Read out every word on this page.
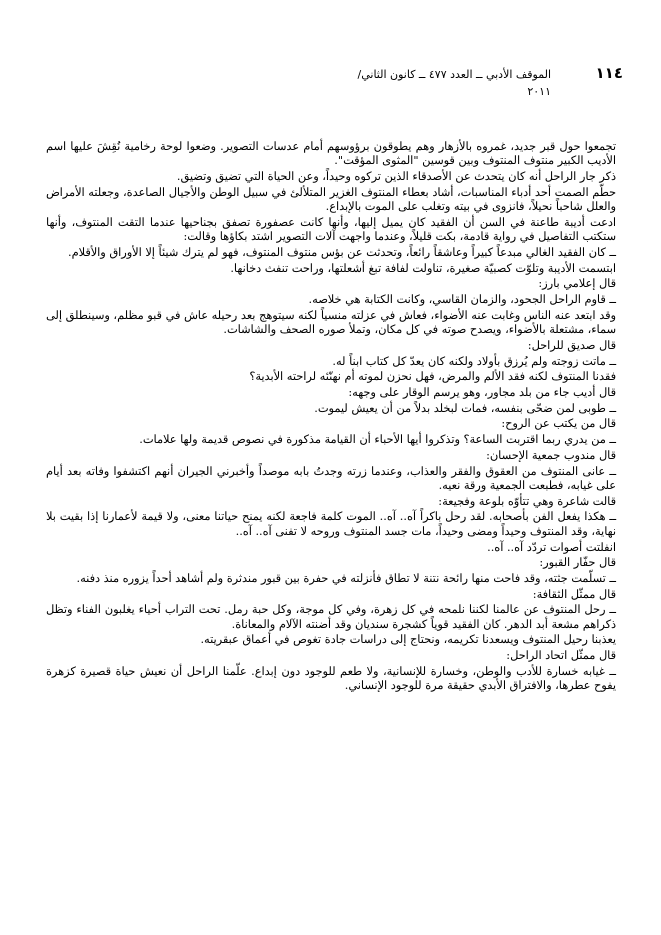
١١٤
الموقف الأدبي ــ العدد ٤٧٧ ــ كانون الثاني/
٢٠١١

تجمعوا حول قبر جديد، غمروه بالأزهار وهم يطوقون برؤوسهم أمام عدسات التصوير. وضعوا لوحة رخامية نُقِشَ عليها اسم الأديب الكبير منتوف المنتوف وبين قوسين "المثوى المؤقت".

ذكر جار الراحل أنه كان يتحدث عن الأصدقاء الذين تركوه وحيداً، وعن الحياة التي تضيق وتضيق.

حطّم الصمت أحد أدباء المناسبات، أشاد بعطاء المنتوف الغزير المتلألئ في سبيل الوطن والأجيال الصاعدة، وجعلته الأمراض والعلل شاحباً نحيلاً، فانزوى في بيته وتغلب على الموت بالإبداع.

ادعت أديبة طاعنة في السن أن الفقيد كان يميل إليها، وأنها كانت عصفورة تصفق بجناحيها عندما التقت المنتوف، وأنها ستكتب التفاصيل في رواية قادمة، بكت قليلاً، وعندما واجهت آلات التصوير اشتد بكاؤها وقالت:

ــ كان الفقيد الغالي مبدعاً كبيراً وعاشقاً رائعاً، وتحدثت عن بؤس منتوف المنتوف، فهو لم يترك شيئاً إلا الأوراق والأقلام.

ابتسمت الأديبة وتلوّت كصبيّة صغيرة، تناولت لفافة تبغ أشعلتها، وراحت تنفث دخانها.

قال إعلامي بارز:

ــ قاوم الراحل الجحود، والزمان القاسي، وكانت الكتابة هي خلاصه.

وقد ابتعد عنه الناس وغابت عنه الأضواء، فعاش في عزلته منسياً لكنه سيتوهج بعد رحيله عاش في قبو مظلم، وسينطلق إلى سماء، مشتعلة بالأضواء، ويصدح صوته في كل مكان، وتملأ صوره الصحف والشاشات.

قال صديق للراحل:

ــ ماتت زوجته ولم يُرزق بأولاد ولكنه كان يعدّ كل كتاب ابناً له.

فقدنا المنتوف لكنه فقد الألم والمرض، فهل نحزن لموته أم نهنّئه لراحته الأبدية؟

قال أديب جاء من بلد مجاور، وهو يرسم الوقار على وجهه:

ــ طوبى لمن ضحّى بنفسه، فمات لبخلد بدلاً من أن يعيش ليموت.

قال من يكتب عن الروح:

ــ من يدري ربما اقتربت الساعة؟ وتذكروا أيها الأحباء أن القيامة مذكورة في نصوص قديمة ولها علامات.

قال مندوب جمعية الإحسان:

ــ عانى المنتوف من العقوق والفقر والعذاب، وعندما زرته وجدتُ بابه موصداً وأخبرني الجيران أنهم اكتشفوا وفاته بعد أيام على غيابه، فطبعت الجمعية ورقة نعيه.

قالت شاعرة وهي تتأوّه بلوعة وفجيعة:

ــ هكذا يفعل الفن بأصحابه. لقد رحل باكراً آه.. آه.. الموت كلمة فاجعة لكنه يمنح حياتنا معنى، ولا قيمة لأعمارنا إذا بقيت بلا نهاية، وقد المنتوف وحيداً ومضى وحيداً، مات جسد المنتوف وروحه لا تفنى آه.. آه..

انفلتت أصوات تردّد آه.. آه..

قال حفّار القبور:

ــ تسلّمت جثته، وقد فاحت منها رائحة نتنة لا تطاق فأنزلته في حفرة بين قبور مندثرة ولم أشاهد أحداً يزوره منذ دفنه.

قال ممثّل الثقافة:

ــ رحل المنتوف عن عالمنا لكننا نلمحه في كل زهرة، وفي كل موجة، وكل حبة رمل. تحت التراب أحياء يغلبون الفناء وتظل ذكراهم مشعة أبد الدهر. كان الفقيد قوياً كشجرة سنديان وقد أضنته الآلام والمعاناة.

يعذبنا رحيل المنتوف ويسعدنا تكريمه، ونحتاج إلى دراسات جادة تغوص في أعماق عبقريته.

قال ممثّل اتحاد الراحل:

ــ غيابه خسارة للأدب والوطن، وخسارة للإنسانية، ولا طعم للوجود دون إبداع. علّمنا الراحل أن نعيش حياة قصيرة كزهرة يفوح عطرها، والافتراق الأبدي حقيقة مرة للوجود الإنساني.
